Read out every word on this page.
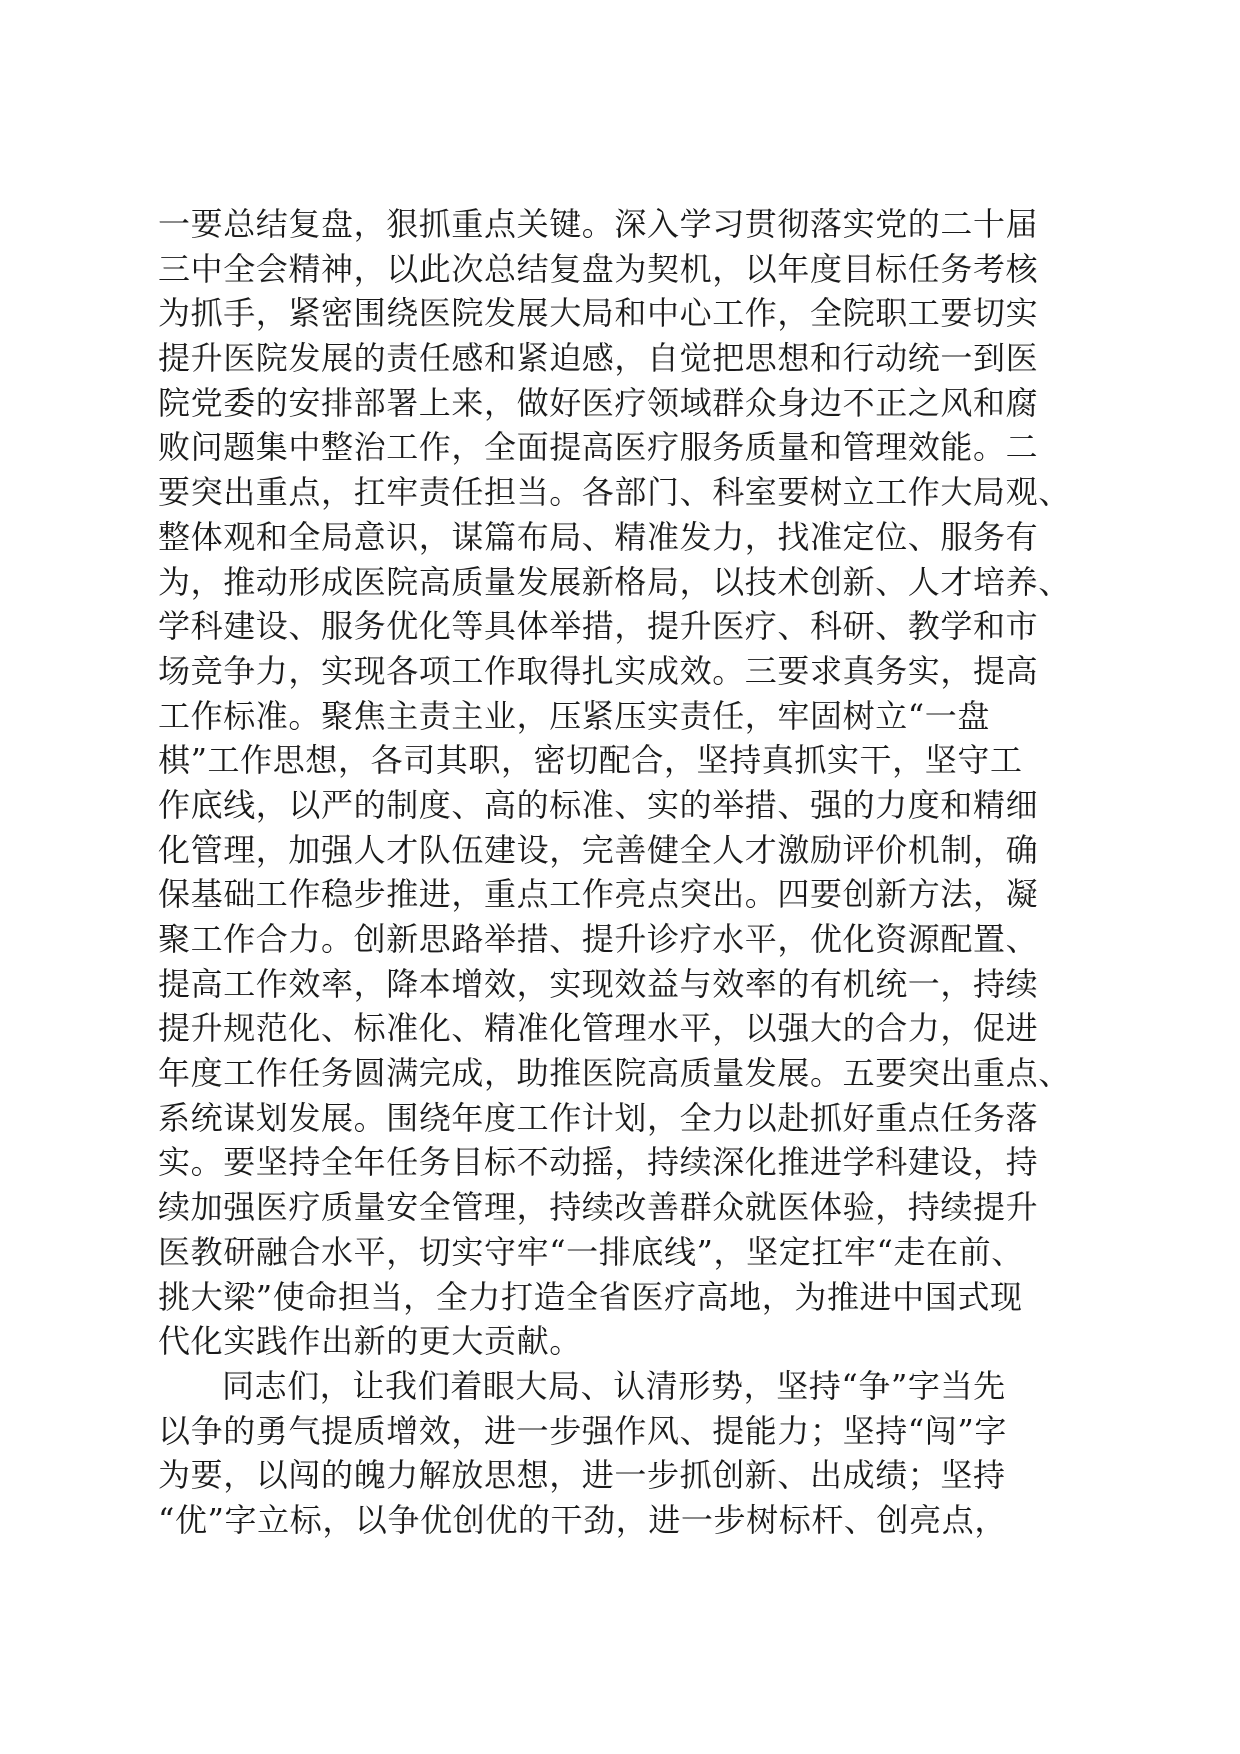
一要总结复盘，狠抓重点关键。深入学习贯彻落实党的二十届
三中全会精神，以此次总结复盘为契机，以年度目标任务考核
为抓手，紧密围绕医院发展大局和中心工作，全院职工要切实
提升医院发展的责任感和紧迫感，自觉把思想和行动统一到医
院党委的安排部署上来，做好医疗领域群众身边不正之风和腐
败问题集中整治工作，全面提高医疗服务质量和管理效能。二
要突出重点，扛牢责任担当。各部门、科室要树立工作大局观、
整体观和全局意识，谋篇布局、精准发力，找准定位、服务有
为，推动形成医院高质量发展新格局，以技术创新、人才培养、
学科建设、服务优化等具体举措，提升医疗、科研、教学和市
场竞争力，实现各项工作取得扎实成效。三要求真务实，提高
工作标准。聚焦主责主业，压紧压实责任，牢固树立“一盘
棋”工作思想，各司其职，密切配合，坚持真抓实干，坚守工
作底线，以严的制度、高的标准、实的举措、强的力度和精细
化管理，加强人才队伍建设，完善健全人才激励评价机制，确
保基础工作稳步推进，重点工作亮点突出。四要创新方法，凝
聚工作合力。创新思路举措、提升诊疗水平，优化资源配置、
提高工作效率，降本增效，实现效益与效率的有机统一，持续
提升规范化、标准化、精准化管理水平，以强大的合力，促进
年度工作任务圆满完成，助推医院高质量发展。五要突出重点、
系统谋划发展。围绕年度工作计划，全力以赴抓好重点任务落
实。要坚持全年任务目标不动摇，持续深化推进学科建设，持
续加强医疗质量安全管理，持续改善群众就医体验，持续提升
医教研融合水平，切实守牢“一排底线”，坚定扛牢“走在前、
挑大梁”使命担当，全力打造全省医疗高地，为推进中国式现
代化实践作出新的更大贡献。
同志们，让我们着眼大局、认清形势，坚持“争”字当先
以争的勇气提质增效，进一步强作风、提能力；坚持“闯”字
为要，以闯的魄力解放思想，进一步抓创新、出成绩；坚持
“优”字立标，以争优创优的干劲，进一步树标杆、创亮点，
